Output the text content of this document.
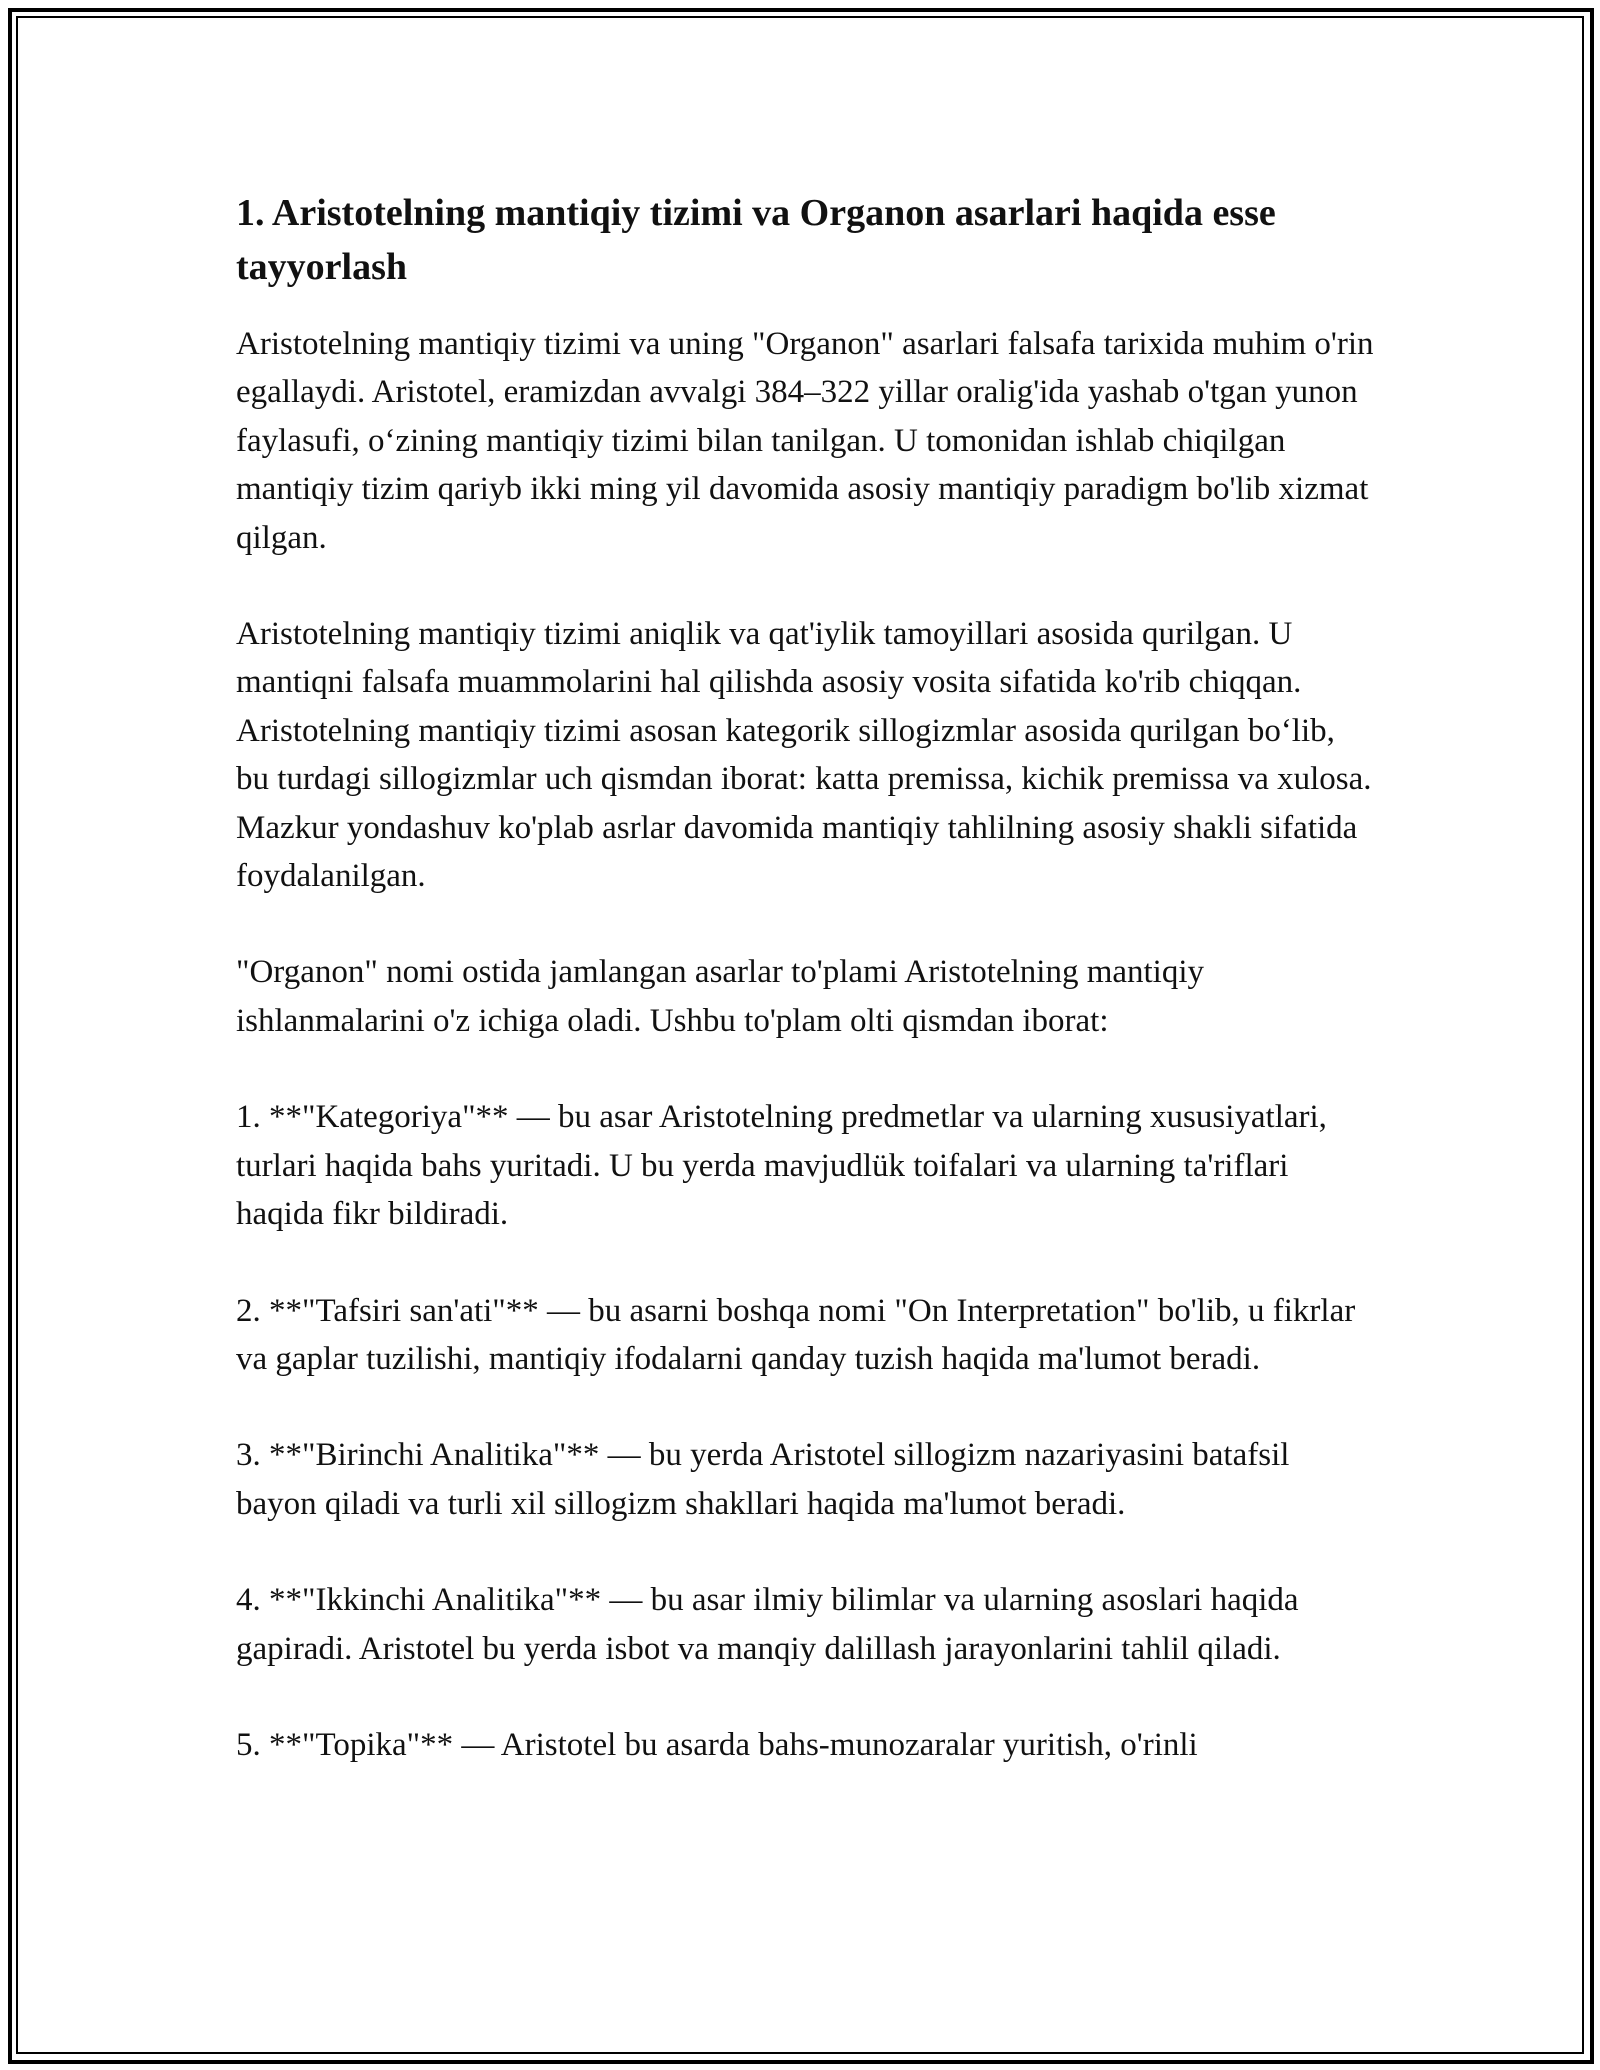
1. Aristotelning mantiqiy tizimi va Organon asarlari haqida esse tayyorlash

Aristotelning mantiqiy tizimi va uning "Organon" asarlari falsafa tarixida muhim o'rin egallaydi. Aristotel, eramizdan avvalgi 384–322 yillar oralig'ida yashab o'tgan yunon faylasufi, o‘zining mantiqiy tizimi bilan tanilgan. U tomonidan ishlab chiqilgan mantiqiy tizim qariyb ikki ming yil davomida asosiy mantiqiy paradigm bo'lib xizmat qilgan.

Aristotelning mantiqiy tizimi aniqlik va qat'iylik tamoyillari asosida qurilgan. U mantiqni falsafa muammolarini hal qilishda asosiy vosita sifatida ko'rib chiqqan. Aristotelning mantiqiy tizimi asosan kategorik sillogizmlar asosida qurilgan bo‘lib, bu turdagi sillogizmlar uch qismdan iborat: katta premissa, kichik premissa va xulosa. Mazkur yondashuv ko'plab asrlar davomida mantiqiy tahlilning asosiy shakli sifatida foydalanilgan.

"Organon" nomi ostida jamlangan asarlar to'plami Aristotelning mantiqiy ishlanmalarini o'z ichiga oladi. Ushbu to'plam olti qismdan iborat:

1. **"Kategoriya"** — bu asar Aristotelning predmetlar va ularning xususiyatlari, turlari haqida bahs yuritadi. U bu yerda mavjudlük toifalari va ularning ta'riflari haqida fikr bildiradi.

2. **"Tafsiri san'ati"** — bu asarni boshqa nomi "On Interpretation" bo'lib, u fikrlar va gaplar tuzilishi, mantiqiy ifodalarni qanday tuzish haqida ma'lumot beradi.

3. **"Birinchi Analitika"** — bu yerda Aristotel sillogizm nazariyasini batafsil bayon qiladi va turli xil sillogizm shakllari haqida ma'lumot beradi.

4. **"Ikkinchi Analitika"** — bu asar ilmiy bilimlar va ularning asoslari haqida gapiradi. Aristotel bu yerda isbot va manqiy dalillash jarayonlarini tahlil qiladi.

5. **"Topika"** — Aristotel bu asarda bahs-munozaralar yuritish, o'rinli
